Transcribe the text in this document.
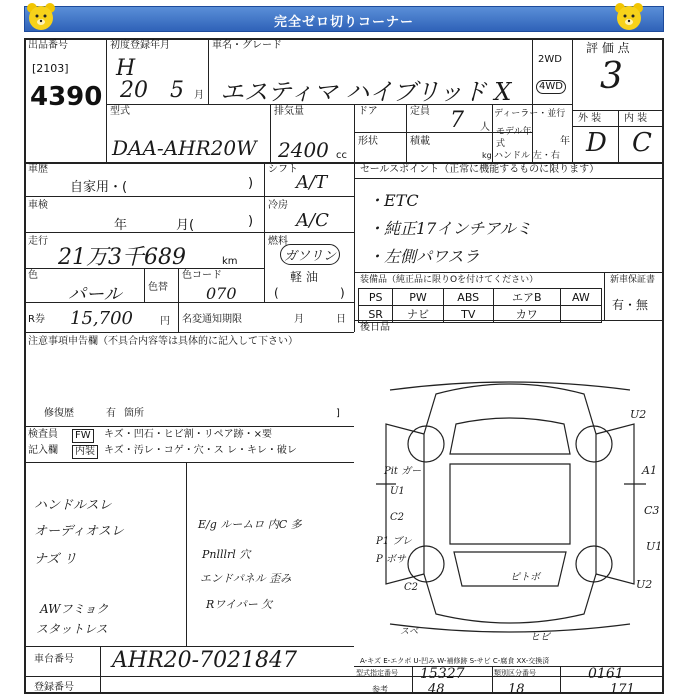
完全ゼロ切りコーナー
出品番号
[2103]
4390
初度登録年月
H
20 5 月
車名・グレード
エスティマ ハイブリッド X
2WD
4WD
評 価 点
3
型式
DAA-AHR20W
排気量
2400 cc
ドア	定員 7 人
ディーラー・並行
モデル年式	年
形状	積載
kg ハンドル 左・右
外 装 内 装
D C
車歴
自家用・(	)
シフト
A/T
車検
年	月(	)
冷房
A/C
走行
21万3千689	km
燃料
ガソリン
軽 油
色
パール	色替
色コード
070	(	)
R券 15,700	円 名変通知期限	月	日
セールスポイント（正常に機能するものに限ります）
・ETC
・純正17インチアルミ
・左側パワスラ
装備品（純正品に限りOを付けてください）	新車保証書
有・無
PS	PW	ABS	エアB	AW
SR	ナビ	TV	カワ	
後日品
注意事項申告欄（不具合内容等は具体的に記入して下さい）
修復歴	有 箇所	]
検査員
記入欄
FW	キズ・凹石・ヒビ割・リペア跡・×要
内装 キズ・汚レ・コゲ・穴・ス レ・キレ・破レ
ハンドルスレ
オーディオスレ
ナズ リ
AWフミョク
スタットレス
E/g ルームロ 内C 多
Pnlllrl 穴
エンドパネル 歪み
Rワイパー 欠
U2
Pit ガー
U1
C2
P1 ブレ
P ボサ
C2
A1
C3
U1
U2
ピトボ
ヒビ
スベ
A-キズ E-エクボ U-凹み W-補修跡 S-サビ C-腐食 XX-交換済
車台番号 AHR20-7021847
登録番号
型式指定番号 15327	類別区分番号	0161
参考	48	18	171
